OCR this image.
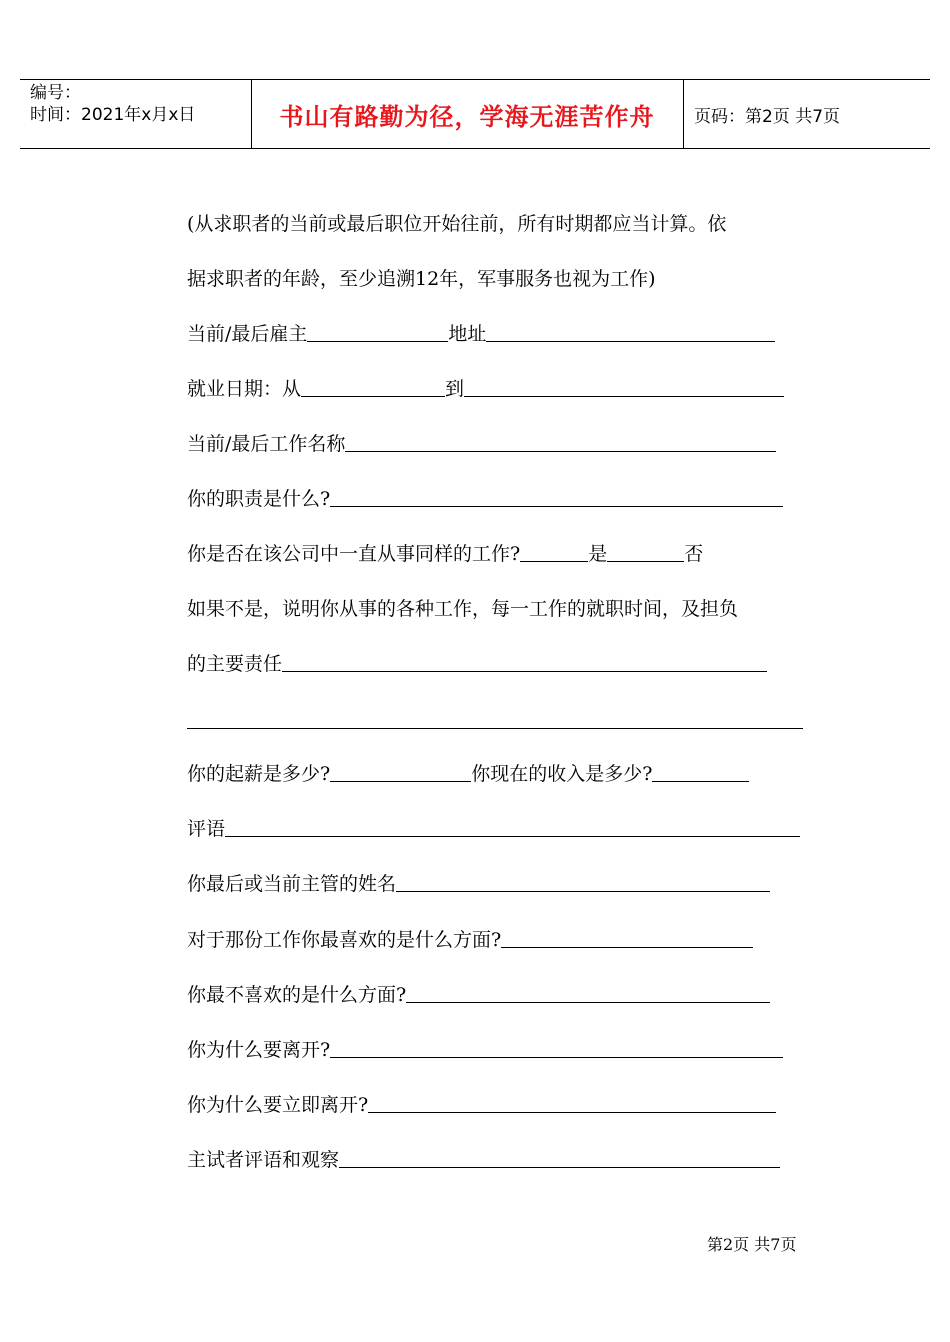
编号：
时间：2021年x月x日	书山有路勤为径，学海无涯苦作舟	页码：第2页 共7页
(从求职者的当前或最后职位开始往前，所有时期都应当计算。依
据求职者的年龄，至少追溯12年，军事服务也视为工作)
当前/最后雇主	地址
就业日期：从	到
当前/最后工作名称
你的职责是什么?
你是否在该公司中一直从事同样的工作?	是	否
如果不是，说明你从事的各种工作，每一工作的就职时间，及担负
的主要责任
你的起薪是多少?	你现在的收入是多少?
评语
你最后或当前主管的姓名
对于那份工作你最喜欢的是什么方面?
你最不喜欢的是什么方面?
你为什么要离开?
你为什么要立即离开?
主试者评语和观察
第2页 共7页
